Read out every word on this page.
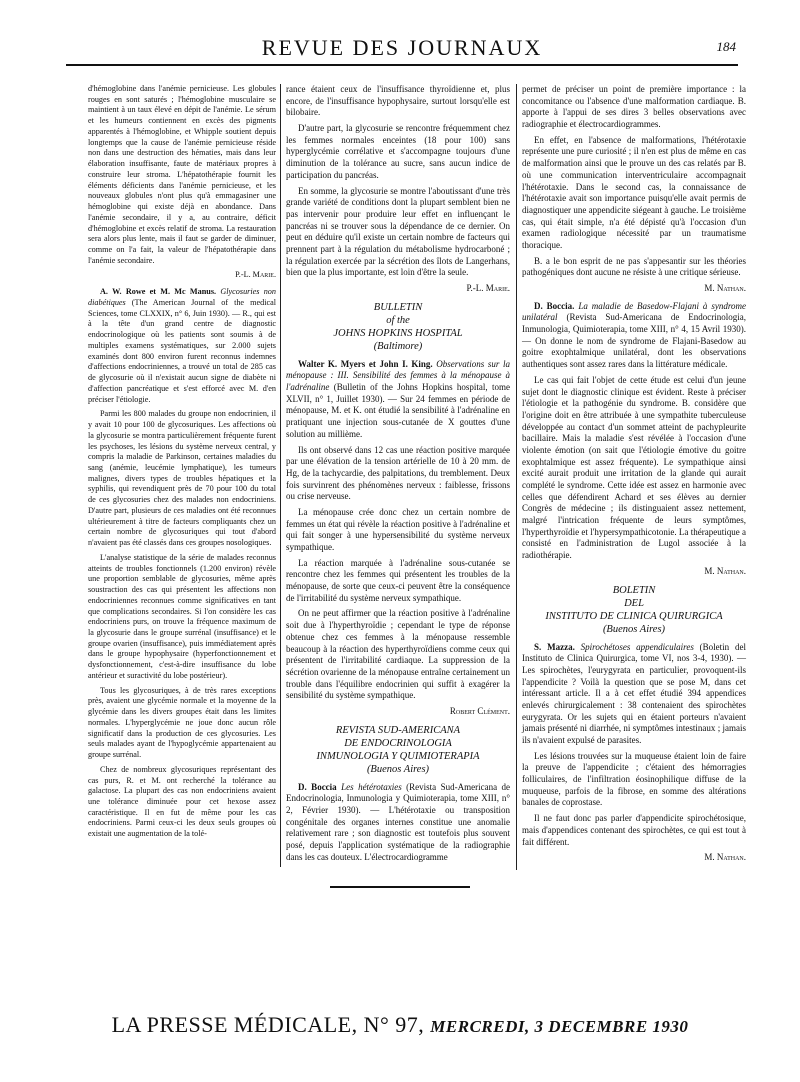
REVUE DES JOURNAUX	184

d'hémoglobine dans l'anémie pernicieuse. Les globules rouges en sont saturés ; l'hémoglobine musculaire se maintient à un taux élevé en dépit de l'anémie. Le sérum et les humeurs contiennent en excès des pigments apparentés à l'hémoglobine, et Whipple soutient depuis longtemps que la cause de l'anémie pernicieuse réside non dans une destruction des hématies, mais dans leur élaboration insuffisante, faute de matériaux propres à construire leur stroma. L'hépatothérapie fournit les éléments déficients dans l'anémie pernicieuse, et les nouveaux globules n'ont plus qu'à emmagasiner une hémoglobine qui existe déjà en abondance. Dans l'anémie secondaire, il y a, au contraire, déficit d'hémoglobine et excès relatif de stroma. La restauration sera alors plus lente, mais il faut se garder de diminuer, comme on l'a fait, la valeur de l'hépatothérapie dans l'anémie secondaire.

P.-L. Marie.

A. W. Rowe et M. Mc Manus. Glycosuries non diabétiques (The American Journal of the medical Sciences, tome CLXXIX, n° 6, Juin 1930). — R., qui est à la tête d'un grand centre de diagnostic endocrinologique où les patients sont soumis à de multiples examens systématiques, sur 2.000 sujets examinés dont 800 environ furent reconnus indemnes d'affections endocriniennes, a trouvé un total de 285 cas de glycosurie où il n'existait aucun signe de diabète ni d'affection pancréatique et s'est efforcé avec M. d'en préciser l'étiologie.

Parmi les 800 malades du groupe non endocrinien, il y avait 10 pour 100 de glycosuriques. Les affections où la glycosurie se montra particulièrement fréquente furent les psychoses, les lésions du système nerveux central, y compris la maladie de Parkinson, certaines maladies du sang (anémie, leucémie lymphatique), les tumeurs malignes, divers types de troubles hépatiques et la syphilis, qui revendiquent près de 70 pour 100 du total de ces glycosuries chez des malades non endocriniens. D'autre part, plusieurs de ces maladies ont été reconnues ultérieurement à titre de facteurs compliquants chez un certain nombre de glycosuriques qui tout d'abord n'avaient pas été classés dans ces groupes nosologiques.

L'analyse statistique de la série de malades reconnus atteints de troubles fonctionnels (1.200 environ) révèle une proportion semblable de glycosuries, même après soustraction des cas qui présentent les affections non endocriniennes reconnues comme significatives en tant que complications secondaires. Si l'on considère les cas endocriniens purs, on trouve la fréquence maximum de la glycosurie dans le groupe surrénal (insuffisance) et le groupe ovarien (insuffisance), puis immédiatement après dans le groupe hypophysaire (hyperfonctionnement et dysfonctionnement, c'est-à-dire insuffisance du lobe antérieur et suractivité du lobe postérieur).

Tous les glycosuriques, à de très rares exceptions près, avaient une glycémie normale et la moyenne de la glycémie dans les divers groupes était dans les limites normales. L'hyperglycémie ne joue donc aucun rôle significatif dans la production de ces glycosuries. Les seuls malades ayant de l'hypoglycémie appartenaient au groupe surrénal.

Chez de nombreux glycosuriques représentant des cas purs, R. et M. ont recherché la tolérance au galactose. La plupart des cas non endocriniens avaient une tolérance diminuée pour cet hexose assez caractéristique. Il en fut de même pour les cas endocriniens. Parmi ceux-ci les deux seuls groupes où existait une augmentation de la tolé-

rance étaient ceux de l'insuffisance thyroïdienne et, plus encore, de l'insuffisance hypophysaire, surtout lorsqu'elle est bilobaire.

D'autre part, la glycosurie se rencontre fréquemment chez les femmes normales enceintes (18 pour 100) sans hyperglycémie corrélative et s'accompagne toujours d'une diminution de la tolérance au sucre, sans aucun indice de participation du pancréas.

En somme, la glycosurie se montre l'aboutissant d'une très grande variété de conditions dont la plupart semblent bien ne pas intervenir pour produire leur effet en influençant le pancréas ni se trouver sous la dépendance de ce dernier. On peut en déduire qu'il existe un certain nombre de facteurs qui prennent part à la régulation du métabolisme hydrocarboné ; la régulation exercée par la sécrétion des îlots de Langerhans, bien que la plus importante, est loin d'être la seule.

P.-L. Marie.
BULLETIN
of the
JOHNS HOPKINS HOSPITAL
(Baltimore)

Walter K. Myers et John I. King. Observations sur la ménopause : III. Sensibilité des femmes à la ménopause à l'adrénaline (Bulletin of the Johns Hopkins hospital, tome XLVII, n° 1, Juillet 1930). — Sur 24 femmes en période de ménopause, M. et K. ont étudié la sensibilité à l'adrénaline en pratiquant une injection sous-cutanée de X gouttes d'une solution au millième.

Ils ont observé dans 12 cas une réaction positive marquée par une élévation de la tension artérielle de 10 à 20 mm. de Hg, de la tachycardie, des palpitations, du tremblement. Deux fois survinrent des phénomènes nerveux : faiblesse, frissons ou crise nerveuse.

La ménopause crée donc chez un certain nombre de femmes un état qui révèle la réaction positive à l'adrénaline et qui fait songer à une hypersensibilité du système nerveux sympathique.

La réaction marquée à l'adrénaline sous-cutanée se rencontre chez les femmes qui présentent les troubles de la ménopause, de sorte que ceux-ci peuvent être la conséquence de l'irritabilité du système nerveux sympathique.

On ne peut affirmer que la réaction positive à l'adrénaline soit due à l'hyperthyroïdie ; cependant le type de réponse obtenue chez ces femmes à la ménopause ressemble beaucoup à la réaction des hyperthyroïdiens comme ceux qui présentent de l'irritabilité cardiaque. La suppression de la sécrétion ovarienne de la ménopause entraîne certainement un trouble dans l'équilibre endocrinien qui suffit à exagérer la sensibilité du système sympathique.

Robert Clément.
REVISTA SUD-AMERICANA
DE ENDOCRINOLOGIA
INMUNOLOGIA Y QUIMIOTERAPIA
(Buenos Aires)

D. Boccia Les hétérotaxies (Revista Sud-Americana de Endocrinologia, Inmunologia y Quimioterapia, tome XIII, n° 2, Février 1930). — L'hétérotaxie ou transposition congénitale des organes internes constitue une anomalie relativement rare ; son diagnostic est toutefois plus souvent posé, depuis l'application systématique de la radiographie dans les cas douteux. L'électrocardiogramme

permet de préciser un point de première importance : la concomitance ou l'absence d'une malformation cardiaque. B. apporte à l'appui de ses dires 3 belles observations avec radiographie et électrocardiogrammes.

En effet, en l'absence de malformations, l'hétérotaxie représente une pure curiosité ; il n'en est plus de même en cas de malformation ainsi que le prouve un des cas relatés par B. où une communication interventriculaire accompagnait l'hétérotaxie. Dans le second cas, la connaissance de l'hétérotaxie avait son importance puisqu'elle avait permis de diagnostiquer une appendicite siégeant à gauche. Le troisième cas, qui était simple, n'a été dépisté qu'à l'occasion d'un examen radiologique nécessité par un traumatisme thoracique.

B. a le bon esprit de ne pas s'appesantir sur les théories pathogéniques dont aucune ne résiste à une critique sérieuse.

M. Nathan.

D. Boccia. La maladie de Basedow-Flajani à syndrome unilatéral (Revista Sud-Americana de Endocrinologia, Inmunologia, Quimioterapia, tome XIII, n° 4, 15 Avril 1930). — On donne le nom de syndrome de Flajani-Basedow au goitre exophtalmique unilatéral, dont les observations authentiques sont assez rares dans la littérature médicale.

Le cas qui fait l'objet de cette étude est celui d'un jeune sujet dont le diagnostic clinique est évident. Reste à préciser l'étiologie et la pathogénie du syndrome. B. considère que l'origine doit en être attribuée à une sympathite tuberculeuse développée au contact d'un sommet atteint de pachypleurite bacillaire. Mais la maladie s'est révélée à l'occasion d'une violente émotion (on sait que l'étiologie émotive du goitre exophtalmique est assez fréquente). Le sympathique ainsi excité aurait produit une irritation de la glande qui aurait complété le syndrome. Cette idée est assez en harmonie avec celles que défendirent Achard et ses élèves au dernier Congrès de médecine ; ils distinguaient assez nettement, malgré l'intrication fréquente de leurs symptômes, l'hyperthyroïdie et l'hypersympathicotonie. La thérapeutique a consisté en l'administration de Lugol associée à la radiothérapie.

M. Nathan.
BOLETIN
DEL
INSTITUTO DE CLINICA QUIRURGICA
(Buenos Aires)

S. Mazza. Spirochétoses appendiculaires (Boletin del Instituto de Clinica Quirurgica, tome VI, nos 3-4, 1930). — Les spirochètes, l'eurygyrata en particulier, provoquent-ils l'appendicite ? Voilà la question que se pose M, dans cet intéressant article. Il a à cet effet étudié 394 appendices enlevés chirurgicalement : 38 contenaient des spirochètes eurygyrata. Or les sujets qui en étaient porteurs n'avaient jamais présenté ni diarrhée, ni symptômes intestinaux ; jamais ils n'avaient expulsé de parasites.

Les lésions trouvées sur la muqueuse étaient loin de faire la preuve de l'appendicite ; c'étaient des hémorragies folliculaires, de l'infiltration éosinophilique diffuse de la muqueuse, parfois de la fibrose, en somme des altérations banales de coprostase.

Il ne faut donc pas parler d'appendicite spirochétosique, mais d'appendices contenant des spirochètes, ce qui est tout à fait différent.

M. Nathan.
LA PRESSE MÉDICALE, N° 97, MERCREDI, 3 DECEMBRE 1930
